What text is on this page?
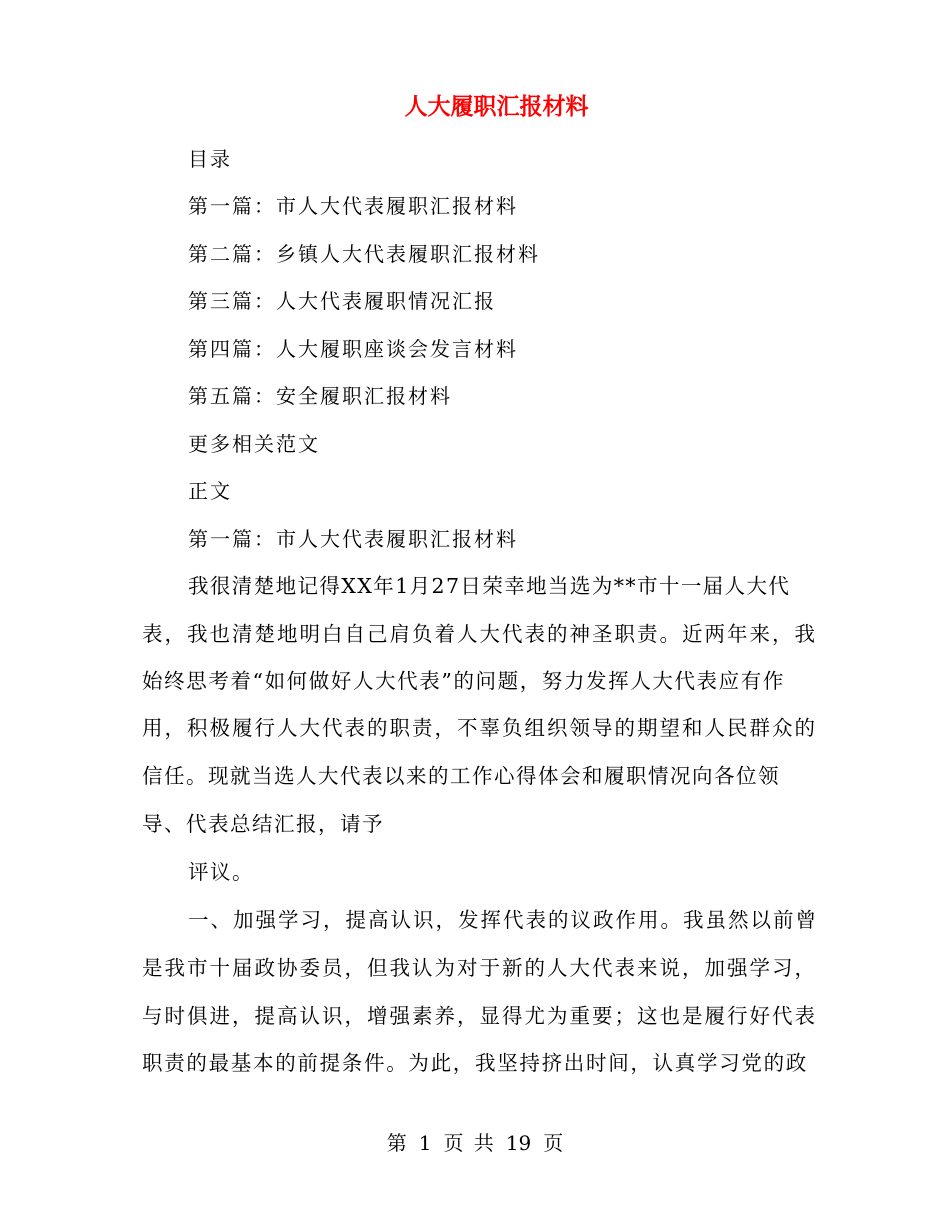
人大履职汇报材料
目录
第一篇：市人大代表履职汇报材料
第二篇：乡镇人大代表履职汇报材料
第三篇：人大代表履职情况汇报
第四篇：人大履职座谈会发言材料
第五篇：安全履职汇报材料
更多相关范文
正文
第一篇：市人大代表履职汇报材料
我很清楚地记得XX年1月27日荣幸地当选为**市十一届人大代
表，我也清楚地明白自己肩负着人大代表的神圣职责。近两年来，我
始终思考着“如何做好人大代表”的问题，努力发挥人大代表应有作
用，积极履行人大代表的职责，不辜负组织领导的期望和人民群众的
信任。现就当选人大代表以来的工作心得体会和履职情况向各位领
导、代表总结汇报，请予
评议。
一、加强学习，提高认识，发挥代表的议政作用。我虽然以前曾
是我市十届政协委员，但我认为对于新的人大代表来说，加强学习，
与时俱进，提高认识，增强素养，显得尤为重要；这也是履行好代表
职责的最基本的前提条件。为此，我坚持挤出时间，认真学习党的政
第 1 页 共 19 页
